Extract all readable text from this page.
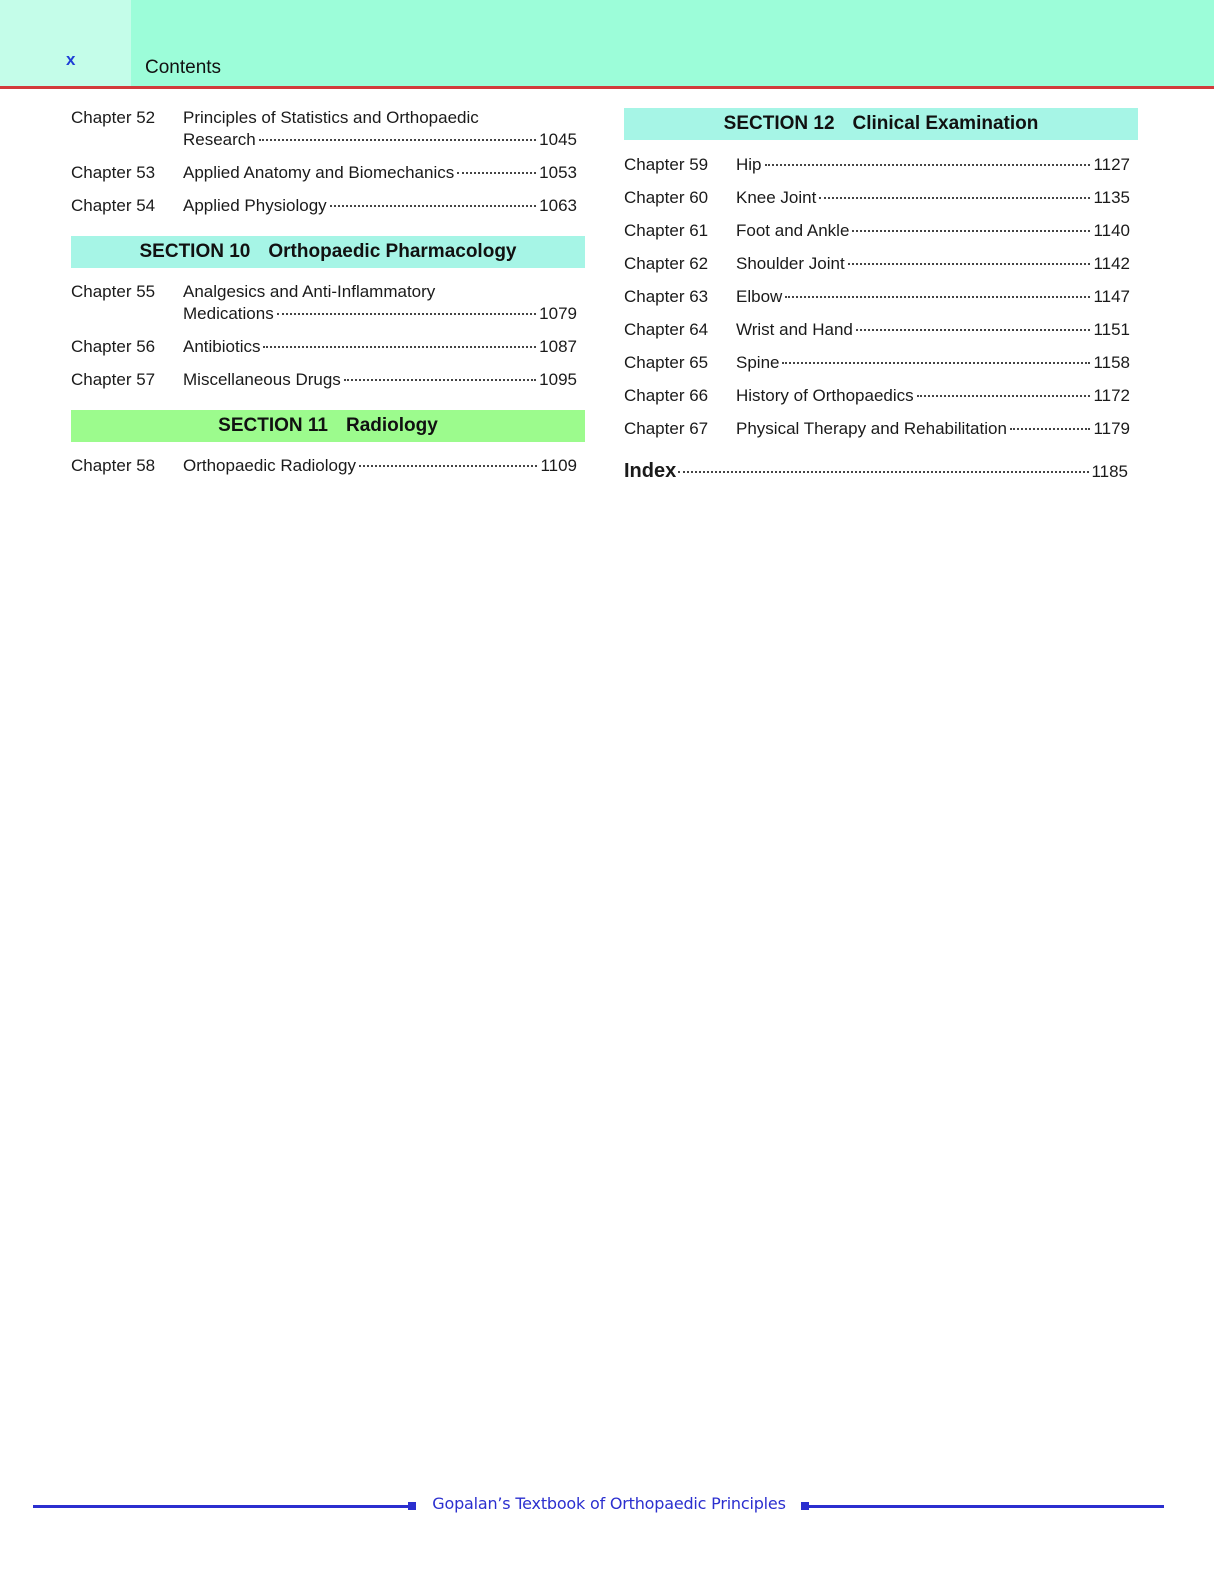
x	Contents
Chapter 52	Principles of Statistics and Orthopaedic
Research	1045
Chapter 53	Applied Anatomy and Biomechanics	1053
Chapter 54	Applied Physiology	1063
SECTION 10 Orthopaedic Pharmacology
Chapter 55	Analgesics and Anti-Inflammatory
Medications	1079
Chapter 56	Antibiotics	1087
Chapter 57	Miscellaneous Drugs	1095
SECTION 11 Radiology
Chapter 58	Orthopaedic Radiology	1109
SECTION 12 Clinical Examination
Chapter 59	Hip	1127
Chapter 60	Knee Joint	1135
Chapter 61	Foot and Ankle	1140
Chapter 62	Shoulder Joint	1142
Chapter 63	Elbow	1147
Chapter 64	Wrist and Hand	1151
Chapter 65	Spine	1158
Chapter 66	History of Orthopaedics	1172
Chapter 67	Physical Therapy and Rehabilitation	1179
Index	1185
Gopalan’s Textbook of Orthopaedic Principles
